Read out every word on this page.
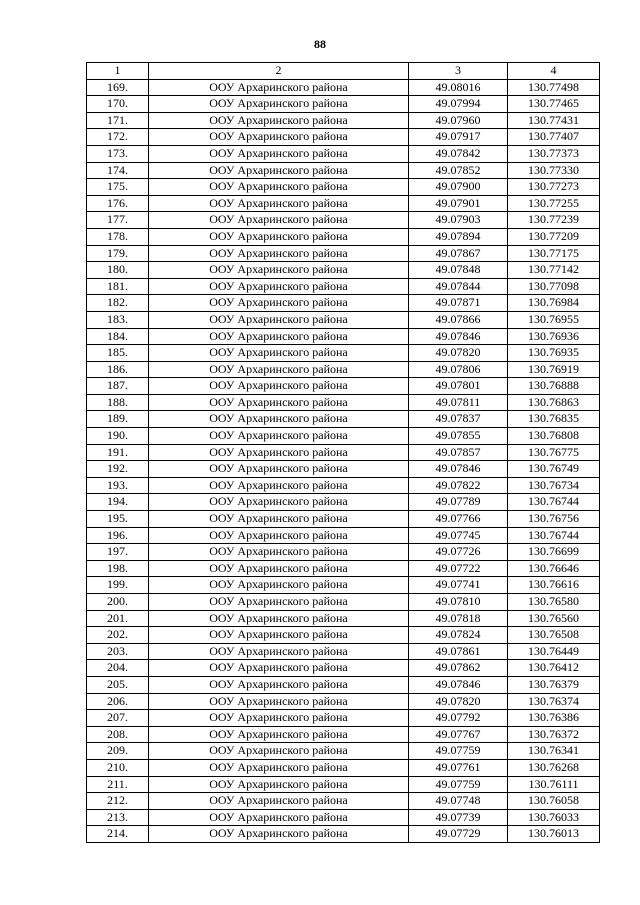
88
1	2	3	4
169.	ООУ Архаринского района	49.08016	130.77498
170.	ООУ Архаринского района	49.07994	130.77465
171.	ООУ Архаринского района	49.07960	130.77431
172.	ООУ Архаринского района	49.07917	130.77407
173.	ООУ Архаринского района	49.07842	130.77373
174.	ООУ Архаринского района	49.07852	130.77330
175.	ООУ Архаринского района	49.07900	130.77273
176.	ООУ Архаринского района	49.07901	130.77255
177.	ООУ Архаринского района	49.07903	130.77239
178.	ООУ Архаринского района	49.07894	130.77209
179.	ООУ Архаринского района	49.07867	130.77175
180.	ООУ Архаринского района	49.07848	130.77142
181.	ООУ Архаринского района	49.07844	130.77098
182.	ООУ Архаринского района	49.07871	130.76984
183.	ООУ Архаринского района	49.07866	130.76955
184.	ООУ Архаринского района	49.07846	130.76936
185.	ООУ Архаринского района	49.07820	130.76935
186.	ООУ Архаринского района	49.07806	130.76919
187.	ООУ Архаринского района	49.07801	130.76888
188.	ООУ Архаринского района	49.07811	130.76863
189.	ООУ Архаринского района	49.07837	130.76835
190.	ООУ Архаринского района	49.07855	130.76808
191.	ООУ Архаринского района	49.07857	130.76775
192.	ООУ Архаринского района	49.07846	130.76749
193.	ООУ Архаринского района	49.07822	130.76734
194.	ООУ Архаринского района	49.07789	130.76744
195.	ООУ Архаринского района	49.07766	130.76756
196.	ООУ Архаринского района	49.07745	130.76744
197.	ООУ Архаринского района	49.07726	130.76699
198.	ООУ Архаринского района	49.07722	130.76646
199.	ООУ Архаринского района	49.07741	130.76616
200.	ООУ Архаринского района	49.07810	130.76580
201.	ООУ Архаринского района	49.07818	130.76560
202.	ООУ Архаринского района	49.07824	130.76508
203.	ООУ Архаринского района	49.07861	130.76449
204.	ООУ Архаринского района	49.07862	130.76412
205.	ООУ Архаринского района	49.07846	130.76379
206.	ООУ Архаринского района	49.07820	130.76374
207.	ООУ Архаринского района	49.07792	130.76386
208.	ООУ Архаринского района	49.07767	130.76372
209.	ООУ Архаринского района	49.07759	130.76341
210.	ООУ Архаринского района	49.07761	130.76268
211.	ООУ Архаринского района	49.07759	130.76111
212.	ООУ Архаринского района	49.07748	130.76058
213.	ООУ Архаринского района	49.07739	130.76033
214.	ООУ Архаринского района	49.07729	130.76013
